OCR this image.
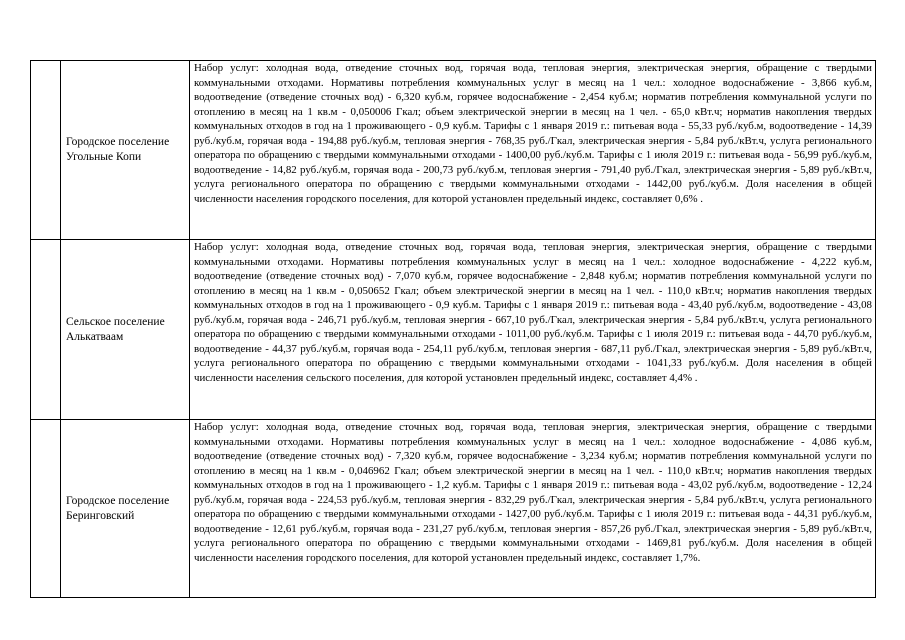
	Городское поселение Угольные Копи	Набор услуг: холодная вода, отведение сточных вод, горячая вода, тепловая энергия, электрическая энергия, обращение с твердыми коммунальными отходами. Нормативы потребления коммунальных услуг в месяц на 1 чел.: холодное водоснабжение - 3,866 куб.м, водоотведение (отведение сточных вод) - 6,320 куб.м, горячее водоснабжение - 2,454 куб.м; норматив потребления коммунальной услуги по отоплению в месяц на 1 кв.м - 0,050006 Гкал; объем электрической энергии в месяц на 1 чел. - 65,0 кВт.ч; норматив накопления твердых коммунальных отходов в год на 1 проживающего - 0,9 куб.м. Тарифы с 1 января 2019 г.: питьевая вода - 55,33 руб./куб.м, водоотведение - 14,39 руб./куб.м, горячая вода - 194,88 руб./куб.м, тепловая энергия - 768,35 руб./Гкал, электрическая энергия - 5,84 руб./кВт.ч, услуга регионального оператора по обращению с твердыми коммунальными отходами - 1400,00 руб./куб.м. Тарифы с 1 июля 2019 г.: питьевая вода - 56,99 руб./куб.м, водоотведение - 14,82 руб./куб.м, горячая вода - 200,73 руб./куб.м, тепловая энергия - 791,40 руб./Гкал, электрическая энергия - 5,89 руб./кВт.ч, услуга регионального оператора по обращению с твердыми коммунальными отходами - 1442,00 руб./куб.м. Доля населения в общей численности населения городского поселения, для которой установлен предельный индекс, составляет 0,6% .
	Сельское поселение Алькатваам	Набор услуг: холодная вода, отведение сточных вод, горячая вода, тепловая энергия, электрическая энергия, обращение с твердыми коммунальными отходами. Нормативы потребления коммунальных услуг в месяц на 1 чел.: холодное водоснабжение - 4,222 куб.м, водоотведение (отведение сточных вод) - 7,070 куб.м, горячее водоснабжение - 2,848 куб.м; норматив потребления коммунальной услуги по отоплению в месяц на 1 кв.м - 0,050652 Гкал; объем электрической энергии в месяц на 1 чел. - 110,0 кВт.ч; норматив накопления твердых коммунальных отходов в год на 1 проживающего - 0,9 куб.м. Тарифы с 1 января 2019 г.: питьевая вода - 43,40 руб./куб.м, водоотведение - 43,08 руб./куб.м, горячая вода - 246,71 руб./куб.м, тепловая энергия - 667,10 руб./Гкал, электрическая энергия - 5,84 руб./кВт.ч, услуга регионального оператора по обращению с твердыми коммунальными отходами - 1011,00 руб./куб.м. Тарифы с 1 июля 2019 г.: питьевая вода - 44,70 руб./куб.м, водоотведение - 44,37 руб./куб.м, горячая вода - 254,11 руб./куб.м, тепловая энергия - 687,11 руб./Гкал, электрическая энергия - 5,89 руб./кВт.ч, услуга регионального оператора по обращению с твердыми коммунальными отходами - 1041,33 руб./куб.м. Доля населения в общей численности населения сельского поселения, для которой установлен предельный индекс, составляет 4,4% .
	Городское поселение Беринговский	Набор услуг: холодная вода, отведение сточных вод, горячая вода, тепловая энергия, электрическая энергия, обращение с твердыми коммунальными отходами. Нормативы потребления коммунальных услуг в месяц на 1 чел.: холодное водоснабжение - 4,086 куб.м, водоотведение (отведение сточных вод) - 7,320 куб.м, горячее водоснабжение - 3,234 куб.м; норматив потребления коммунальной услуги по отоплению в месяц на 1 кв.м - 0,046962 Гкал; объем электрической энергии в месяц на 1 чел. - 110,0 кВт.ч; норматив накопления твердых коммунальных отходов в год на 1 проживающего - 1,2 куб.м. Тарифы с 1 января 2019 г.: питьевая вода - 43,02 руб./куб.м, водоотведение - 12,24 руб./куб.м, горячая вода - 224,53 руб./куб.м, тепловая энергия - 832,29 руб./Гкал, электрическая энергия - 5,84 руб./кВт.ч, услуга регионального оператора по обращению с твердыми коммунальными отходами - 1427,00 руб./куб.м. Тарифы с 1 июля 2019 г.: питьевая вода - 44,31 руб./куб.м, водоотведение - 12,61 руб./куб.м, горячая вода - 231,27 руб./куб.м, тепловая энергия - 857,26 руб./Гкал, электрическая энергия - 5,89 руб./кВт.ч, услуга регионального оператора по обращению с твердыми коммунальными отходами - 1469,81 руб./куб.м. Доля населения в общей численности населения городского поселения, для которой установлен предельный индекс, составляет 1,7%.
